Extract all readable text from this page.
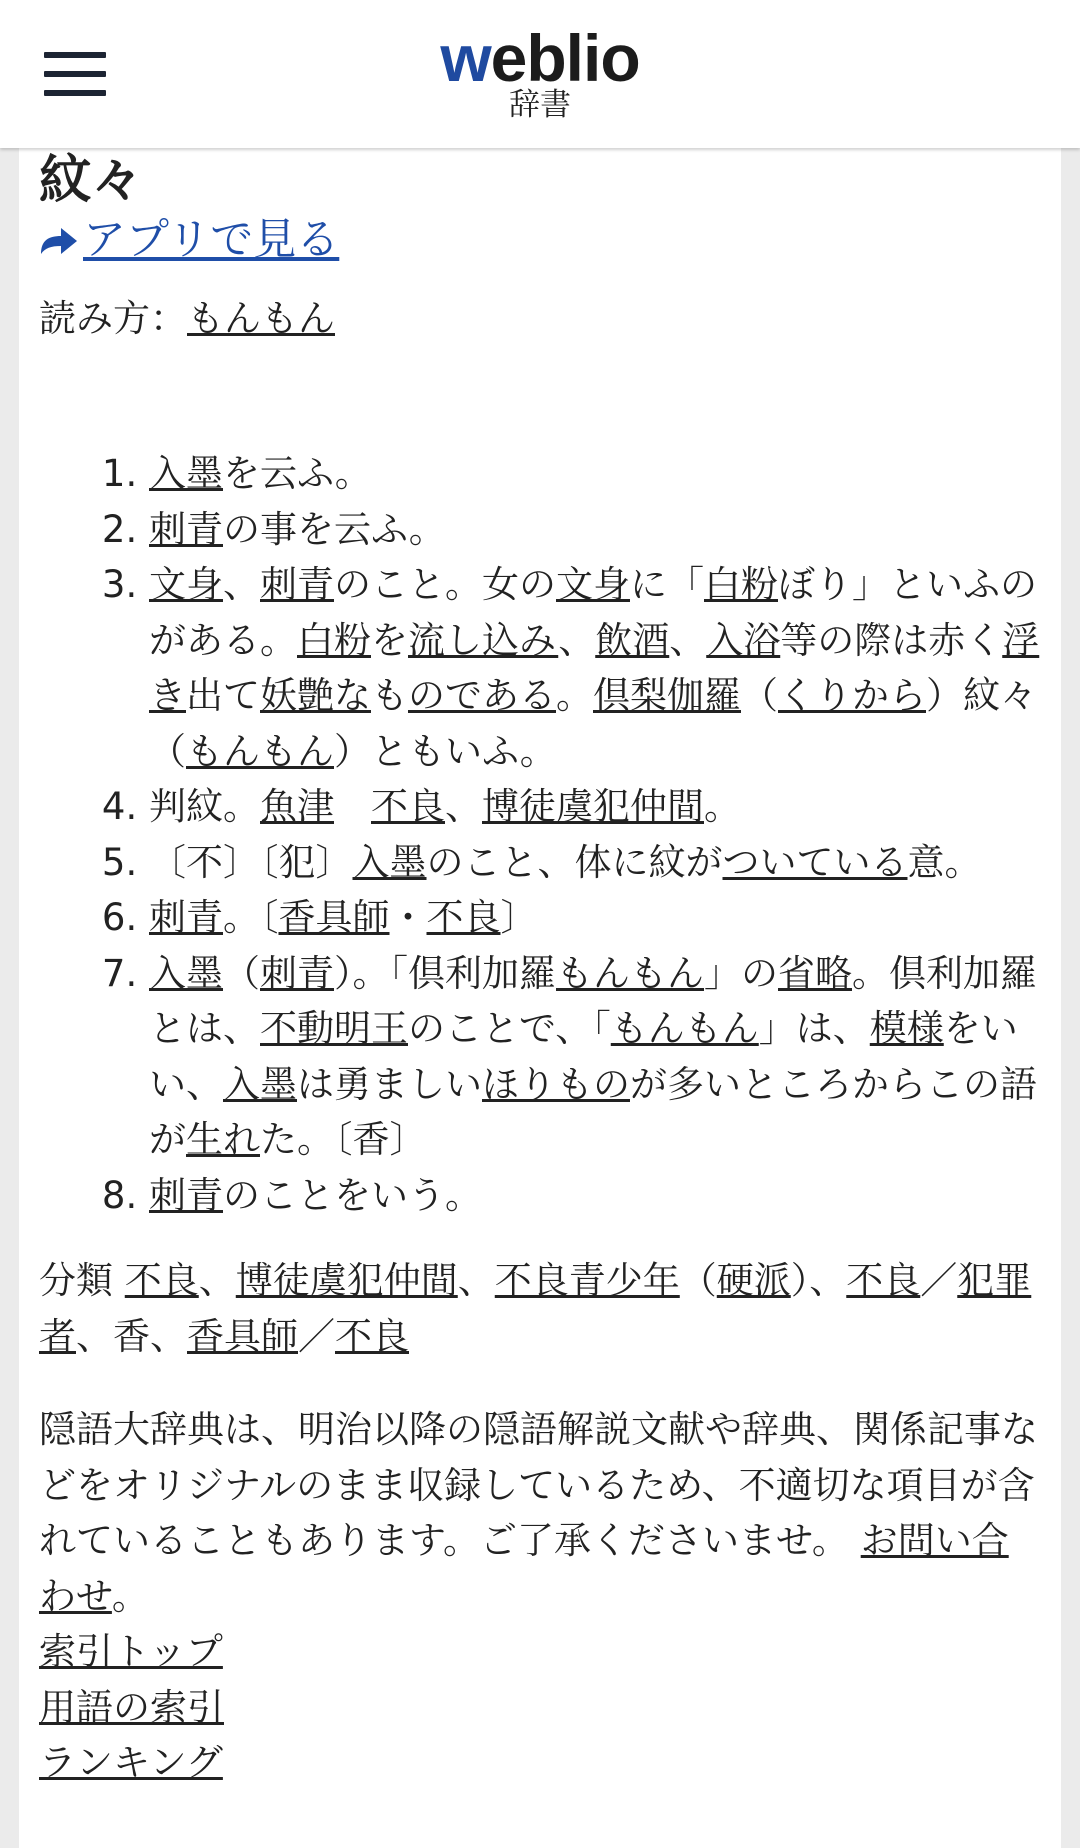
weblio
辞書
紋々
アプリで見る
読み方：もんもん
1. 入墨を云ふ。
2. 刺青の事を云ふ。
3. 文身、刺青のこと。女の文身に「白粉ぼり」といふのがある。白粉を流し込み、飲酒、入浴等の際は赤く浮き出て妖艶なものである。倶梨伽羅（くりから）紋々（もんもん）ともいふ。
4. 判紋。魚津　 不良、博徒虞犯仲間。
5. 〔不〕〔犯〕入墨のこと、体に紋がついている意。
6. 刺青。〔香具師・不良〕
7. 入墨（刺青）。「倶利加羅もんもん」の省略。倶利加羅とは、不動明王のことで、「もんもん」は、模様をいい、入墨は勇ましいほりものが多いところからこの語が生れた。〔香〕
8. 刺青のことをいう。
分類 不良、博徒虞犯仲間、不良青少年（硬派）、不良／犯罪者、香、香具師／不良
隠語大辞典は、明治以降の隠語解説文献や辞典、関係記事などをオリジナルのまま収録しているため、不適切な項目が含れていることもあります。ご了承くださいませ。 お問い合わせ。
索引トップ
用語の索引
ランキング
